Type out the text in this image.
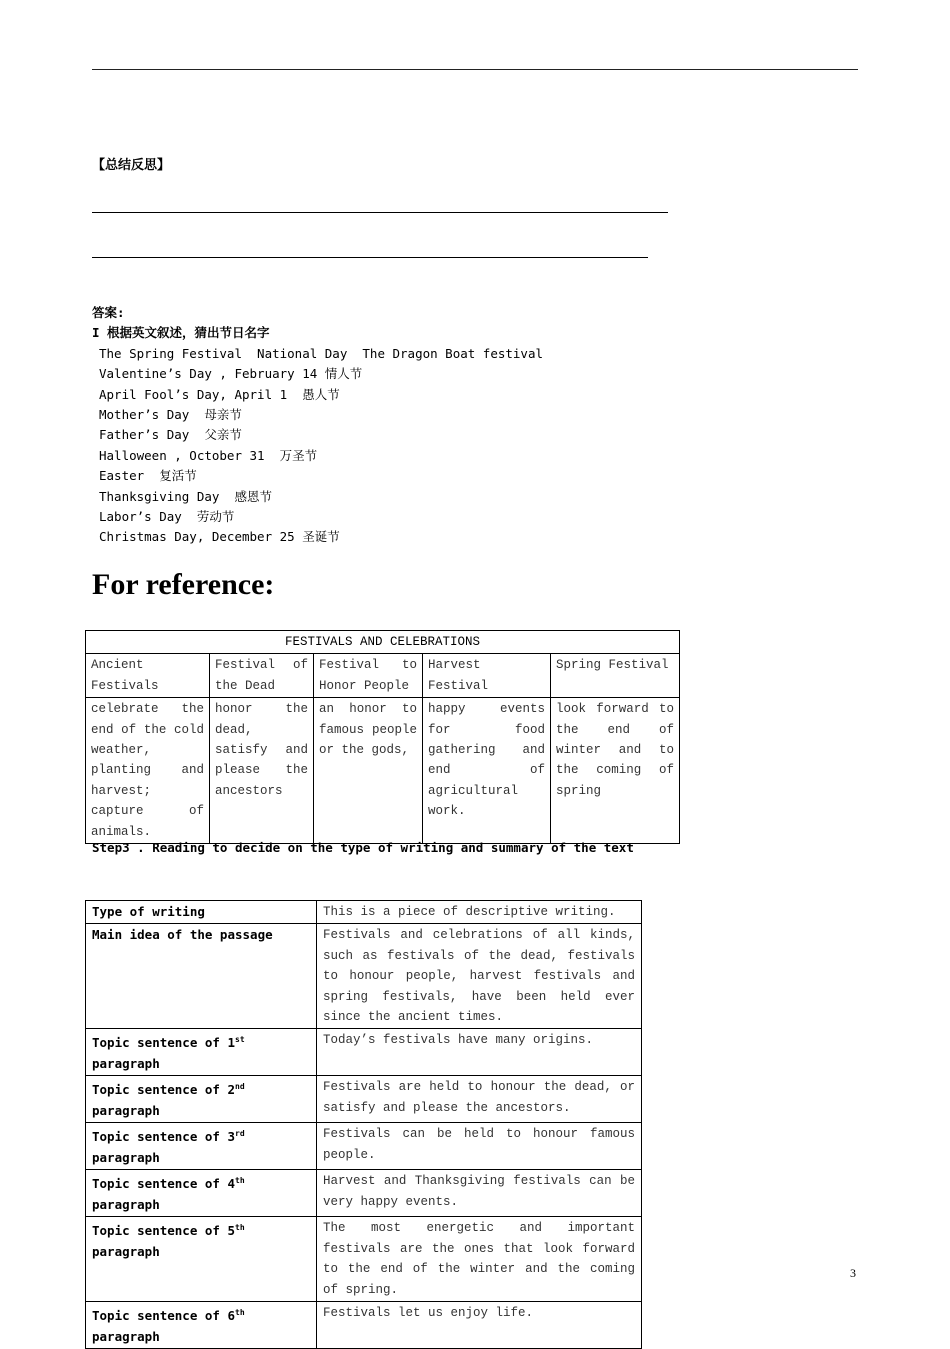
【总结反思】
答案:
I 根据英文叙述，猜出节日名字
The Spring Festival  National Day  The Dragon Boat festival
Valentine’s Day , February 14 情人节
April Fool’s Day, April 1  愚人节
Mother’s Day  母亲节
Father’s Day  父亲节
Halloween , October 31  万圣节
Easter  复活节
Thanksgiving Day  感恩节
Labor’s Day  劳动节
Christmas Day, December 25 圣诞节
For reference:
FESTIVALS AND CELEBRATIONS				
Ancient Festivals	Festival of the Dead	Festival to Honor People	Harvest Festival	Spring Festival
celebrate the end of the cold weather, planting and harvest; capture of animals.	honor the dead, satisfy and please the ancestors	an honor to famous people or the gods,	happy events for food gathering and end of agricultural work.	look forward to the end of winter and to the coming of spring
Step3 . Reading to decide on the type of writing and summary of the text
Type of writing	This is a piece of descriptive writing.
Main idea of the passage	Festivals and celebrations of all kinds, such as festivals of the dead, festivals to honour people, harvest festivals and spring festivals, have been held ever since the ancient times.
Topic sentence of 1st paragraph	Today’s festivals have many origins.
Topic sentence of 2nd paragraph	Festivals are held to honour the dead, or satisfy and please the ancestors.
Topic sentence of 3rd paragraph	Festivals can be held to honour famous people.
Topic sentence of 4th paragraph	Harvest and Thanksgiving festivals can be very happy events.
Topic sentence of 5th paragraph	The most energetic and important festivals are the ones that look forward to the end of the winter and the coming of spring.
Topic sentence of 6th paragraph	Festivals let us enjoy life.
3
